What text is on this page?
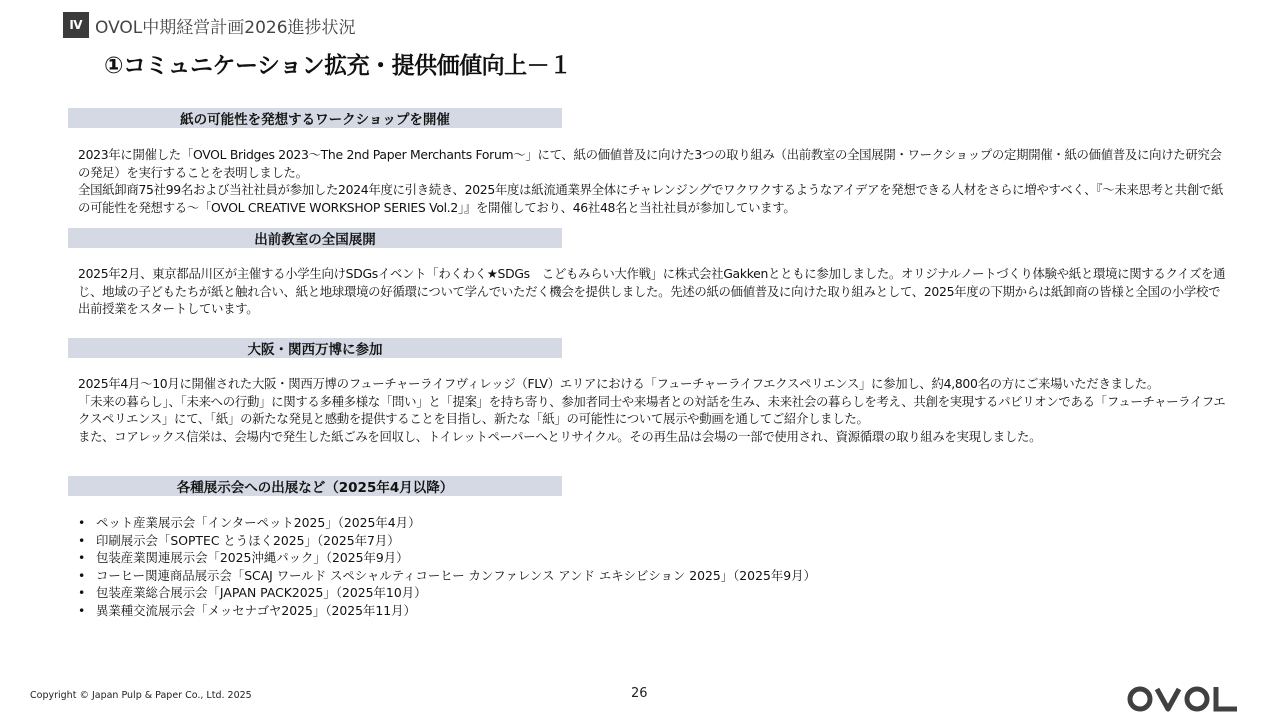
Ⅳ OVOL中期経営計画2026進捗状況
①コミュニケーション拡充・提供価値向上－１
紙の可能性を発想するワークショップを開催

2023年に開催した「OVOL Bridges 2023～The 2nd Paper Merchants Forum～」にて、紙の価値普及に向けた3つの取り組み（出前教室の全国展開・ワークショップの定期開催・紙の価値普及に向けた研究会の発足）を実行することを表明しました。

全国紙卸商75社99名および当社社員が参加した2024年度に引き続き、2025年度は紙流通業界全体にチャレンジングでワクワクするようなアイデアを発想できる人材をさらに増やすべく、『～未来思考と共創で紙の可能性を発想する～「OVOL CREATIVE WORKSHOP SERIES Vol.2」』を開催しており、46社48名と当社社員が参加しています。

出前教室の全国展開

2025年2月、東京都品川区が主催する小学生向けSDGsイベント「わくわく★SDGs　こどもみらい大作戦」に株式会社Gakkenとともに参加しました。オリジナルノートづくり体験や紙と環境に関するクイズを通じ、地域の子どもたちが紙と触れ合い、紙と地球環境の好循環について学んでいただく機会を提供しました。先述の紙の価値普及に向けた取り組みとして、2025年度の下期からは紙卸商の皆様と全国の小学校で出前授業をスタートしています。

大阪・関西万博に参加

2025年4月～10月に開催された大阪・関西万博のフューチャーライフヴィレッジ（FLV）エリアにおける「フューチャーライフエクスペリエンス」に参加し、約4,800名の方にご来場いただきました。

「未来の暮らし」、「未来への行動」に関する多種多様な「問い」と「提案」を持ち寄り、参加者同士や来場者との対話を生み、未来社会の暮らしを考え、共創を実現するパビリオンである「フューチャーライフエクスペリエンス」にて、「紙」の新たな発見と感動を提供することを目指し、新たな「紙」の可能性について展示や動画を通してご紹介しました。

また、コアレックス信栄は、会場内で発生した紙ごみを回収し、トイレットペーパーへとリサイクル。その再生品は会場の一部で使用され、資源循環の取り組みを実現しました。

各種展示会への出展など（2025年4月以降）
• ペット産業展示会「インターペット2025」（2025年4月）
• 印刷展示会「SOPTEC とうほく2025」（2025年7月）
• 包装産業関連展示会「2025沖縄パック」（2025年9月）
• コーヒー関連商品展示会「SCAJ ワールド スペシャルティコーヒー カンファレンス アンド エキシビション 2025」（2025年9月）
• 包装産業総合展示会「JAPAN PACK2025」（2025年10月）
• 異業種交流展示会「メッセナゴヤ2025」（2025年11月）
Copyright © Japan Pulp & Paper Co., Ltd. 2025	26
